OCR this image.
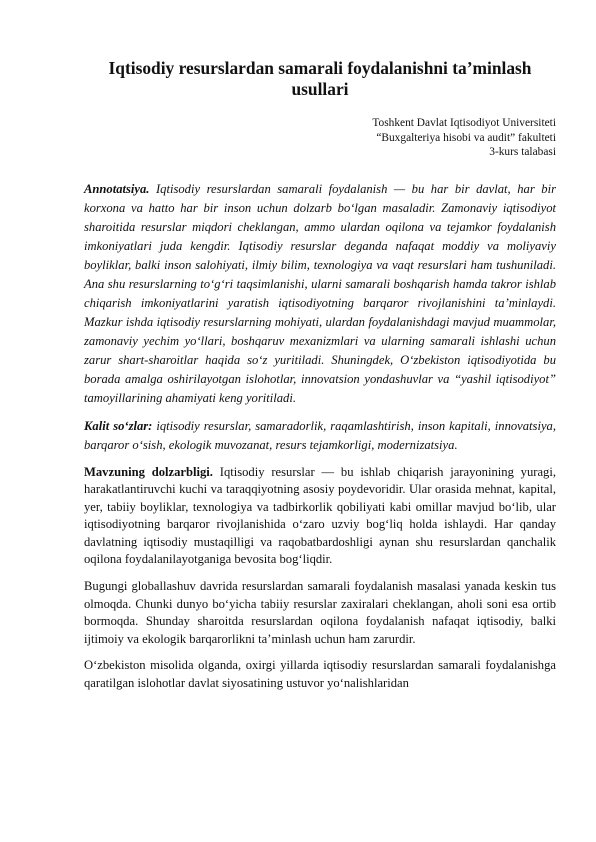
Iqtisodiy resurslardan samarali foydalanishni ta’minlash usullari
Toshkent Davlat Iqtisodiyot Universiteti
“Buxgalteriya hisobi va audit” fakulteti
3-kurs talabasi
Annotatsiya. Iqtisodiy resurslardan samarali foydalanish — bu har bir davlat, har bir korxona va hatto har bir inson uchun dolzarb bo‘lgan masaladir. Zamonaviy iqtisodiyot sharoitida resurslar miqdori cheklangan, ammo ulardan oqilona va tejamkor foydalanish imkoniyatlari juda kengdir. Iqtisodiy resurslar deganda nafaqat moddiy va moliyaviy boyliklar, balki inson salohiyati, ilmiy bilim, texnologiya va vaqt resurslari ham tushuniladi. Ana shu resurslarning to‘g‘ri taqsimlanishi, ularni samarali boshqarish hamda takror ishlab chiqarish imkoniyatlarini yaratish iqtisodiyotning barqaror rivojlanishini ta’minlaydi. Mazkur ishda iqtisodiy resurslarning mohiyati, ulardan foydalanishdagi mavjud muammolar, zamonaviy yechim yo‘llari, boshqaruv mexanizmlari va ularning samarali ishlashi uchun zarur shart-sharoitlar haqida so‘z yuritiladi. Shuningdek, O‘zbekiston iqtisodiyotida bu borada amalga oshirilayotgan islohotlar, innovatsion yondashuvlar va “yashil iqtisodiyot” tamoyillarining ahamiyati keng yoritiladi.
Kalit so‘zlar: iqtisodiy resurslar, samaradorlik, raqamlashtirish, inson kapitali, innovatsiya, barqaror o‘sish, ekologik muvozanat, resurs tejamkorligi, modernizatsiya.
Mavzuning dolzarbligi. Iqtisodiy resurslar — bu ishlab chiqarish jarayonining yuragi, harakatlantiruvchi kuchi va taraqqiyotning asosiy poydevoridir. Ular orasida mehnat, kapital, yer, tabiiy boyliklar, texnologiya va tadbirkorlik qobiliyati kabi omillar mavjud bo‘lib, ular iqtisodiyotning barqaror rivojlanishida o‘zaro uzviy bog‘liq holda ishlaydi. Har qanday davlatning iqtisodiy mustaqilligi va raqobatbardoshligi aynan shu resurslardan qanchalik oqilona foydalanilayotganiga bevosita bog‘liqdir.
Bugungi globallashuv davrida resurslardan samarali foydalanish masalasi yanada keskin tus olmoqda. Chunki dunyo bo‘yicha tabiiy resurslar zaxiralari cheklangan, aholi soni esa ortib bormoqda. Shunday sharoitda resurslardan oqilona foydalanish nafaqat iqtisodiy, balki ijtimoiy va ekologik barqarorlikni ta’minlash uchun ham zarurdir.
O‘zbekiston misolida olganda, oxirgi yillarda iqtisodiy resurslardan samarali foydalanishga qaratilgan islohotlar davlat siyosatining ustuvor yo‘nalishlaridan
